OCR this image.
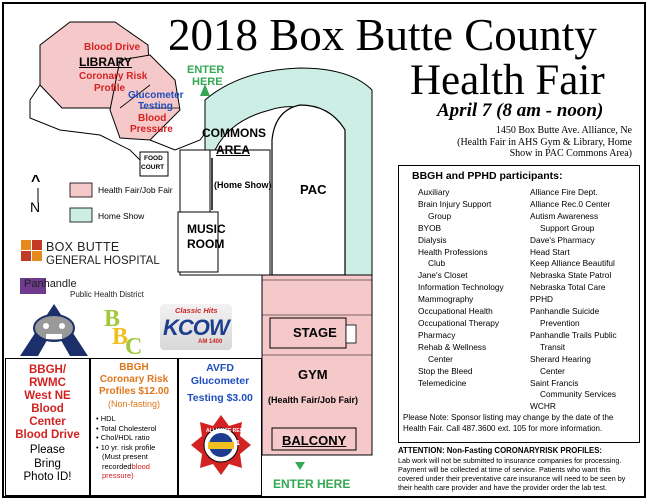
Blood Drive
LIBRARY
Coronary Risk
Profile
Glucometer
Testing
Blood
Pressure
ENTER
HERE
COMMONS
AREA
(Home Show) PAC
MUSIC
ROOM
FOOD
COURT
STAGE
GYM
(Health Fair/Job Fair)
BALCONY
ENTER HERE
^
N
Health Fair/Job Fair
Home Show
BOX BUTTE
GENERAL HOSPITAL
Panhandle
Public Health District
B
B
C
Classic Hits
KCOW
AM 1400
BBGH/
RWMC
West NE
Blood
Center
Blood Drive
Please
Bring
Photo ID!
BBGH
Coronary Risk
Profiles $12.00
(Non-fasting)
• HDL
• Total Cholesterol
• Chol/HDL ratio
• 10 yr. risk profile
(Must present
recordedblood
pressure)
AVFD
Glucometer
Testing $3.00
ALLIANCE RESCUE
1
2018 Box Butte County
Health Fair
April 7 (8 am - noon)
1450 Box Butte Ave. Alliance, Ne
(Health Fair in AHS Gym & Library, Home
Show in PAC Commons Area)
BBGH and PPHD participants:
Auxiliary
Brain Injury Support
Group
BYOB
Dialysis
Health Professions
Club
Jane's Closet
Information Technology
Mammography
Occupational Health
Occupational Therapy
Pharmacy
Rehab & Wellness
Center
Stop the Bleed
Telemedicine
Alliance Fire Dept.
Alliance Rec.0 Center
Autism Awareness
Support Group
Dave's Pharmacy
Head Start
Keep Alliance Beautiful
Nebraska State Patrol
Nebraska Total Care
PPHD
Panhandle Suicide
Prevention
Panhandle Trails Public
Transit
Sherard Hearing
Center
Saint Francis
Community Services
WCHR
Please Note: Sponsor listing may change by the date of the
Health Fair. Call 487.3600 ext. 105 for more information.
ATTENTION: Non-Fasting CORONARYRISK PROFILES:
Lab work will not be submitted to insurance companies for processing.
Payment will be collected at time of service. Patients who want this
covered under their preventative care insurance will need to be seen by
their health care provider and have the provider order the lab test.
